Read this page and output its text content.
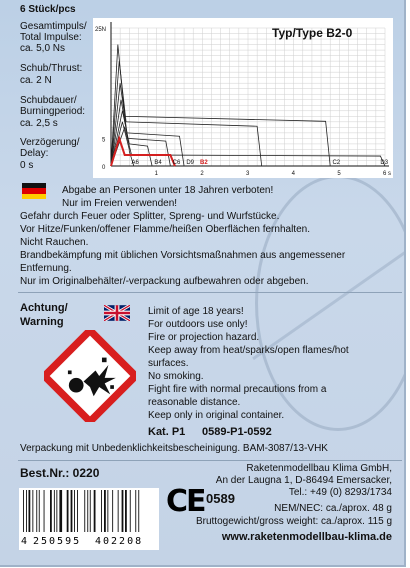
6 Stück/pcs
Gesamtimpuls/
Total Impulse:
ca. 5,0 Ns
Schub/Thrust:
ca. 2 N
Schubdauer/
Burningperiod:
ca. 2,5 s
Verzögerung/
Delay:
0 s
25N
5
0
1	2	3	4	5	6 s
A6	B4 C6 D9 B2	C2	D3
Typ/Type B2-0
Abgabe an Personen unter 18 Jahren verboten!
Nur im Freien verwenden!
Gefahr durch Feuer oder Splitter, Spreng- und Wurfstücke.
Vor Hitze/Funken/offener Flamme/heißen Oberflächen fernhalten.
Nicht Rauchen.
Brandbekämpfung mit üblichen Vorsichtsmaßnahmen aus angemessener
Entfernung.
Nur im Originalbehälter/-verpackung aufbewahren oder abgeben.
Achtung/
Warning
Limit of age 18 years!
For outdoors use only!
Fire or projection hazard.
Keep away from heat/sparks/open flames/hot
surfaces.
No smoking.
Fight fire with normal precautions from a
reasonable distance.
Keep only in original container.
Kat. P1 0589-P1-0592
Verpackung mit Unbedenklichkeitsbescheinigung. BAM-3087/13-VHK
Best.Nr.: 0220	Raketenmodellbau Klima GmbH,
An der Laugna 1, D-86494 Emersacker,
Tel.: +49 (0) 8293/1734
4 250595 402208
CE 0589
NEM/NEC: ca./aprox. 48 g
Bruttogewicht/gross weight: ca./aprox. 115 g
www.raketenmodellbau-klima.de
